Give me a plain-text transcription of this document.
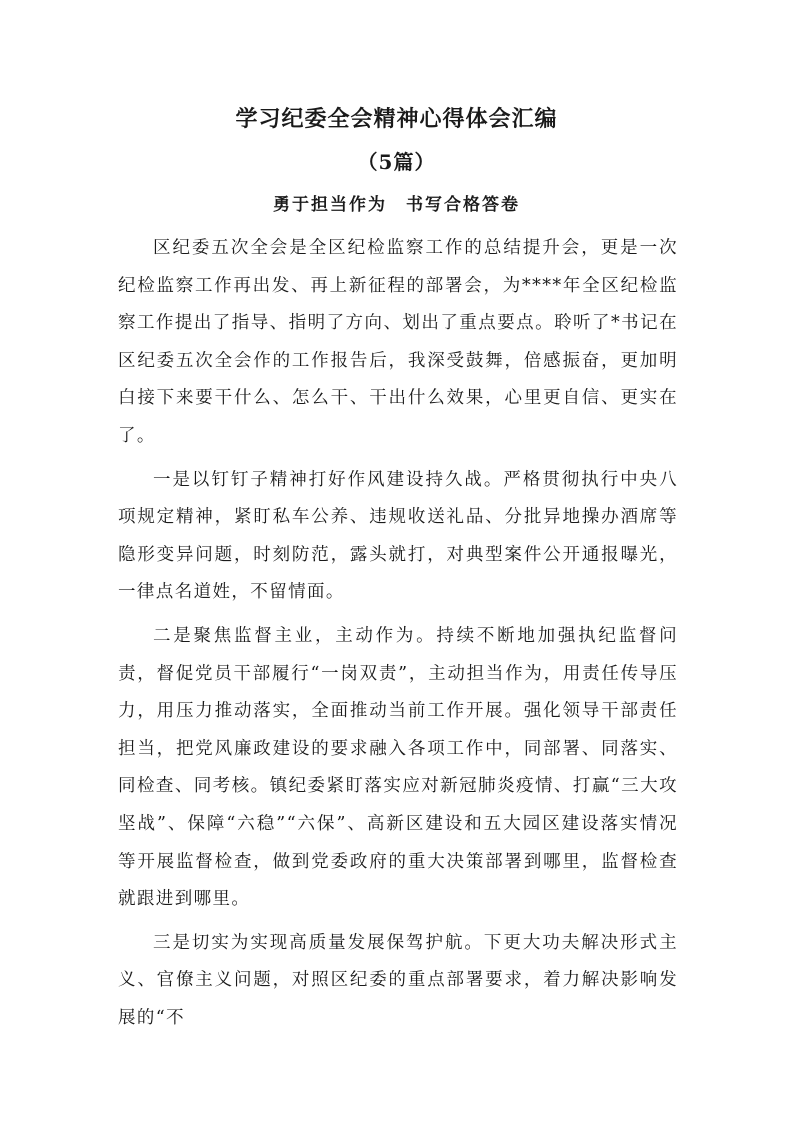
学习纪委全会精神心得体会汇编
（5篇）
勇于担当作为　书写合格答卷

区纪委五次全会是全区纪检监察工作的总结提升会，更是一次纪检监察工作再出发、再上新征程的部署会，为****年全区纪检监察工作提出了指导、指明了方向、划出了重点要点。聆听了*书记在区纪委五次全会作的工作报告后，我深受鼓舞，倍感振奋，更加明白接下来要干什么、怎么干、干出什么效果，心里更自信、更实在了。

一是以钉钉子精神打好作风建设持久战。严格贯彻执行中央八项规定精神，紧盯私车公养、违规收送礼品、分批异地操办酒席等隐形变异问题，时刻防范，露头就打，对典型案件公开通报曝光，一律点名道姓，不留情面。

二是聚焦监督主业，主动作为。持续不断地加强执纪监督问责，督促党员干部履行“一岗双责”，主动担当作为，用责任传导压力，用压力推动落实，全面推动当前工作开展。强化领导干部责任担当，把党风廉政建设的要求融入各项工作中，同部署、同落实、同检查、同考核。镇纪委紧盯落实应对新冠肺炎疫情、打赢“三大攻坚战”、保障“六稳”“六保”、高新区建设和五大园区建设落实情况等开展监督检查，做到党委政府的重大决策部署到哪里，监督检查就跟进到哪里。

三是切实为实现高质量发展保驾护航。下更大功夫解决形式主义、官僚主义问题，对照区纪委的重点部署要求，着力解决影响发展的“不
